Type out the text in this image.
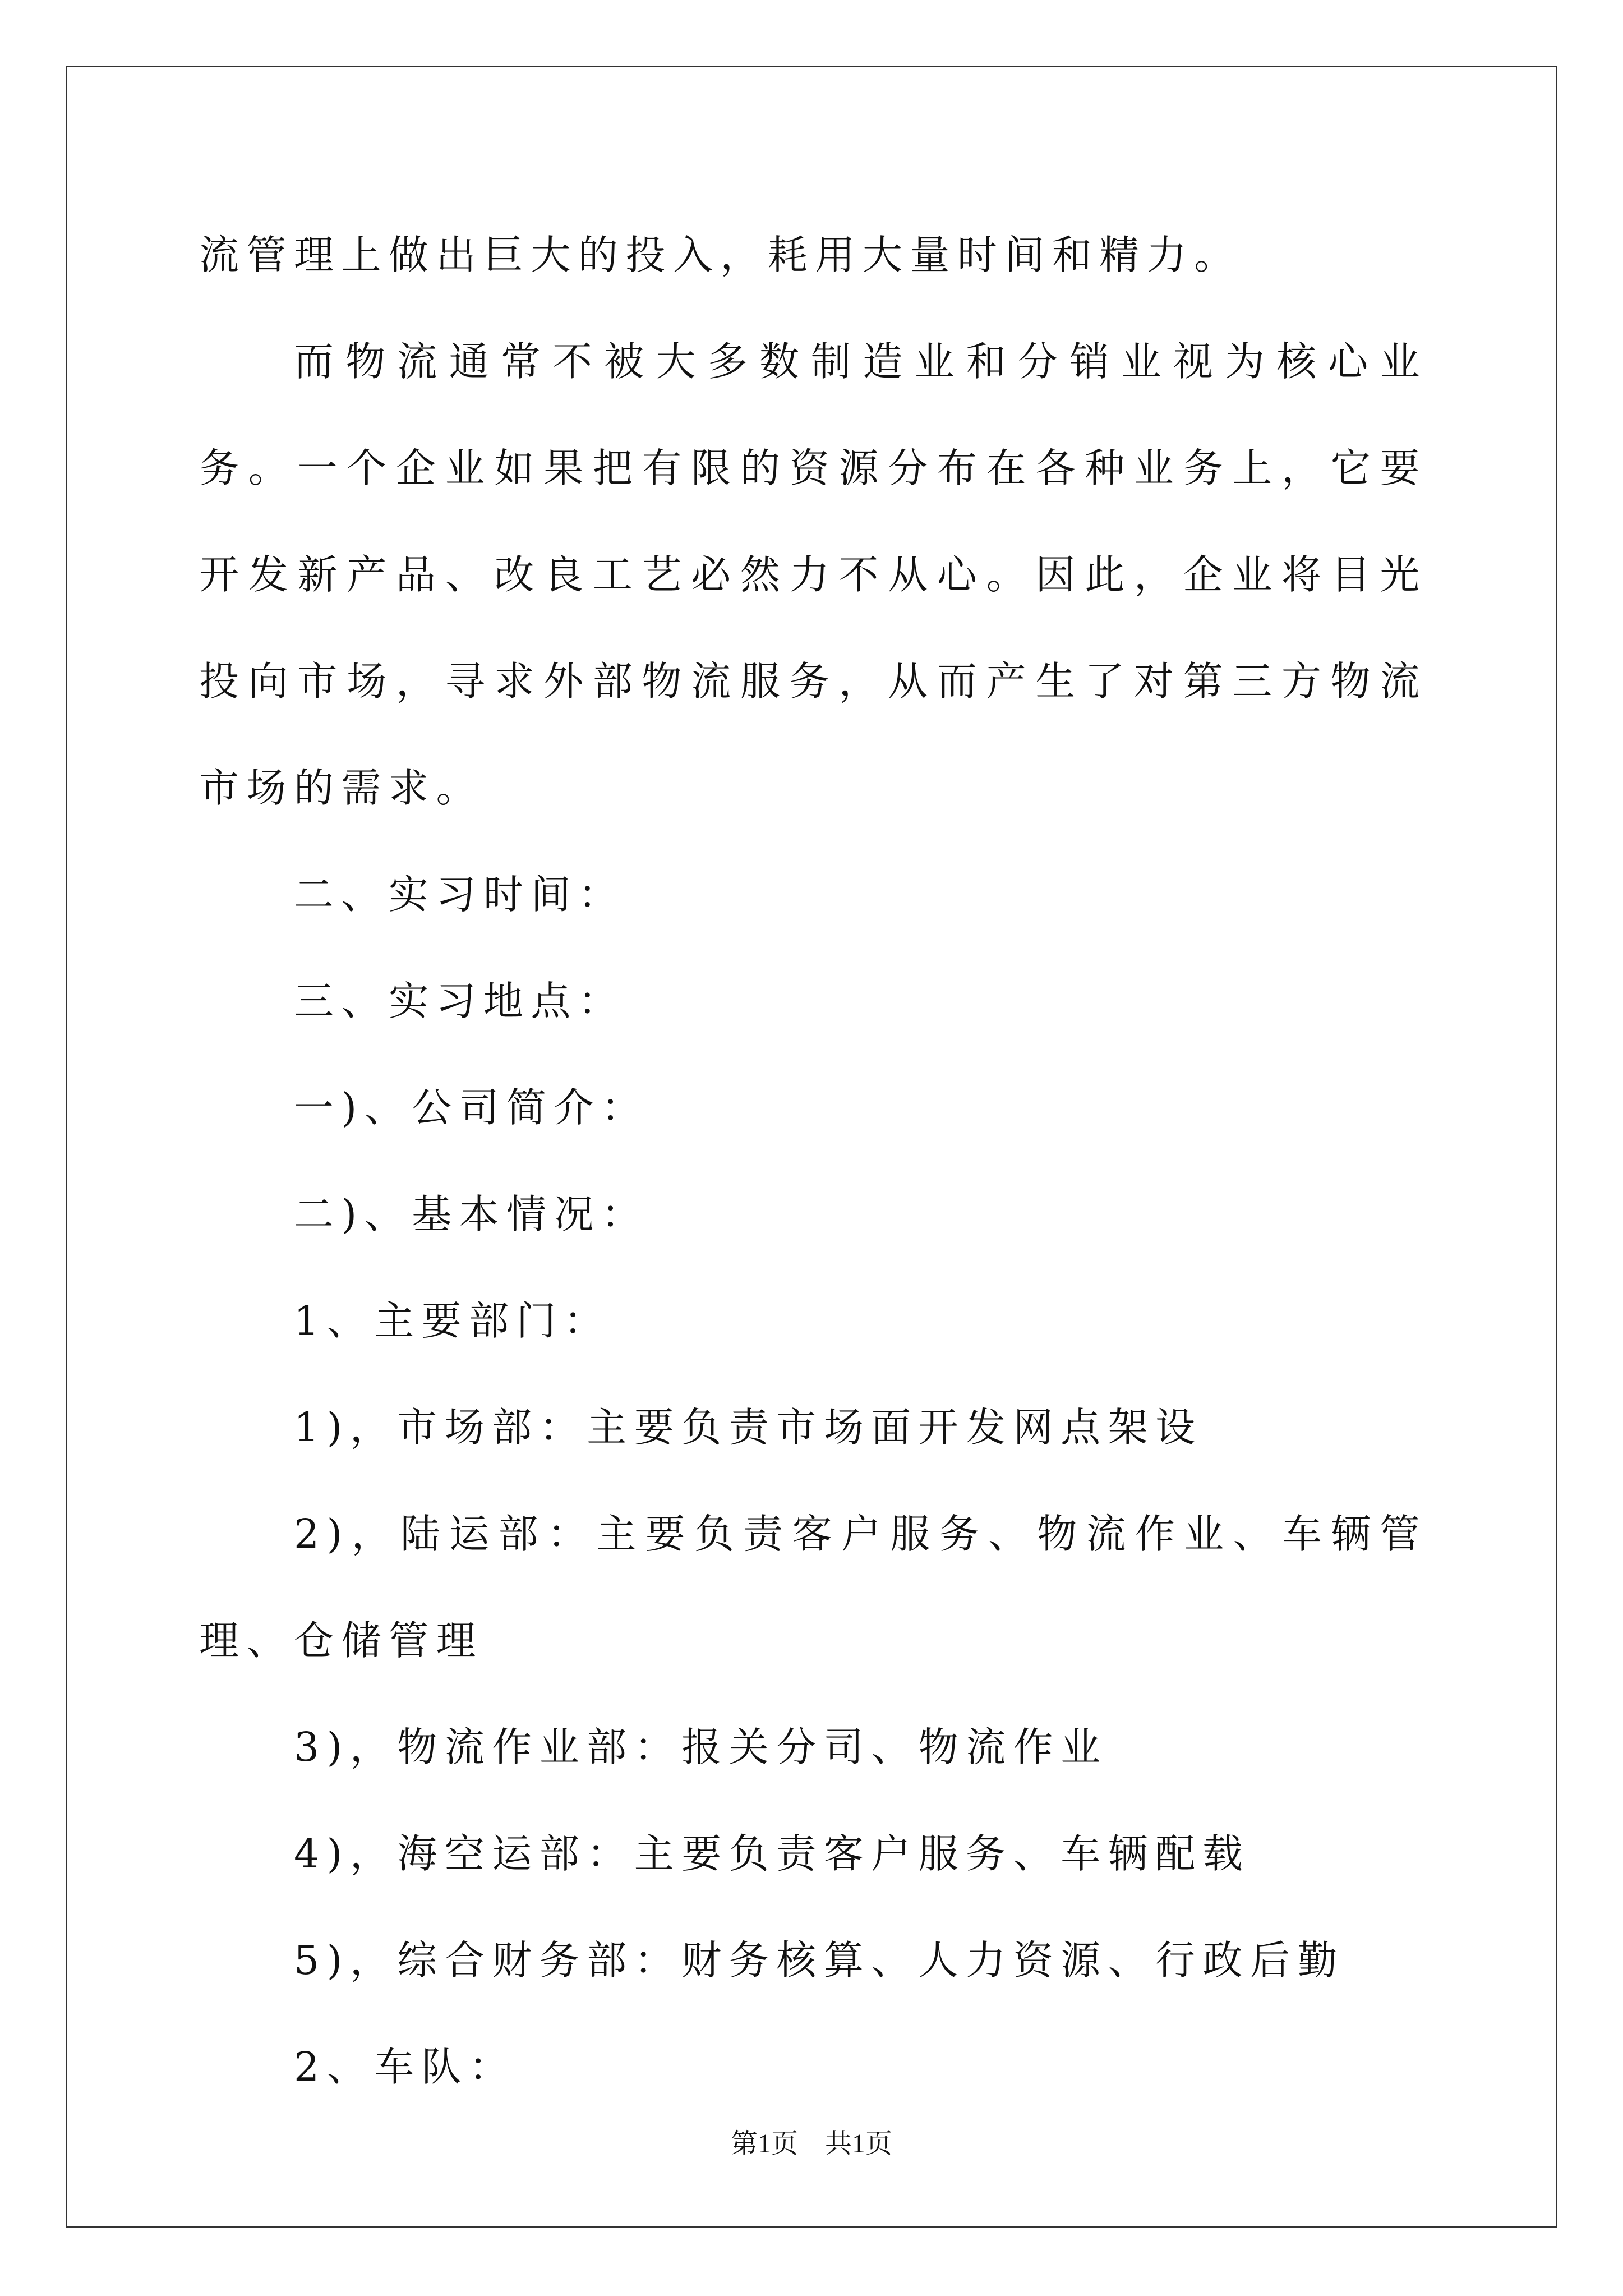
流管理上做出巨大的投入，耗用大量时间和精力。

而物流通常不被大多数制造业和分销业视为核心业务。一个企业如果把有限的资源分布在各种业务上，它要开发新产品、改良工艺必然力不从心。因此，企业将目光投向市场，寻求外部物流服务，从而产生了对第三方物流市场的需求。

二、实习时间：

三、实习地点：

一)、公司简介：

二)、基本情况：

1、主要部门：

1)，市场部：主要负责市场面开发网点架设

2)，陆运部：主要负责客户服务、物流作业、车辆管理、仓储管理

3)，物流作业部：报关分司、物流作业

4)，海空运部：主要负责客户服务、车辆配载

5)，综合财务部：财务核算、人力资源、行政后勤

2、车队：

第1页　共1页
